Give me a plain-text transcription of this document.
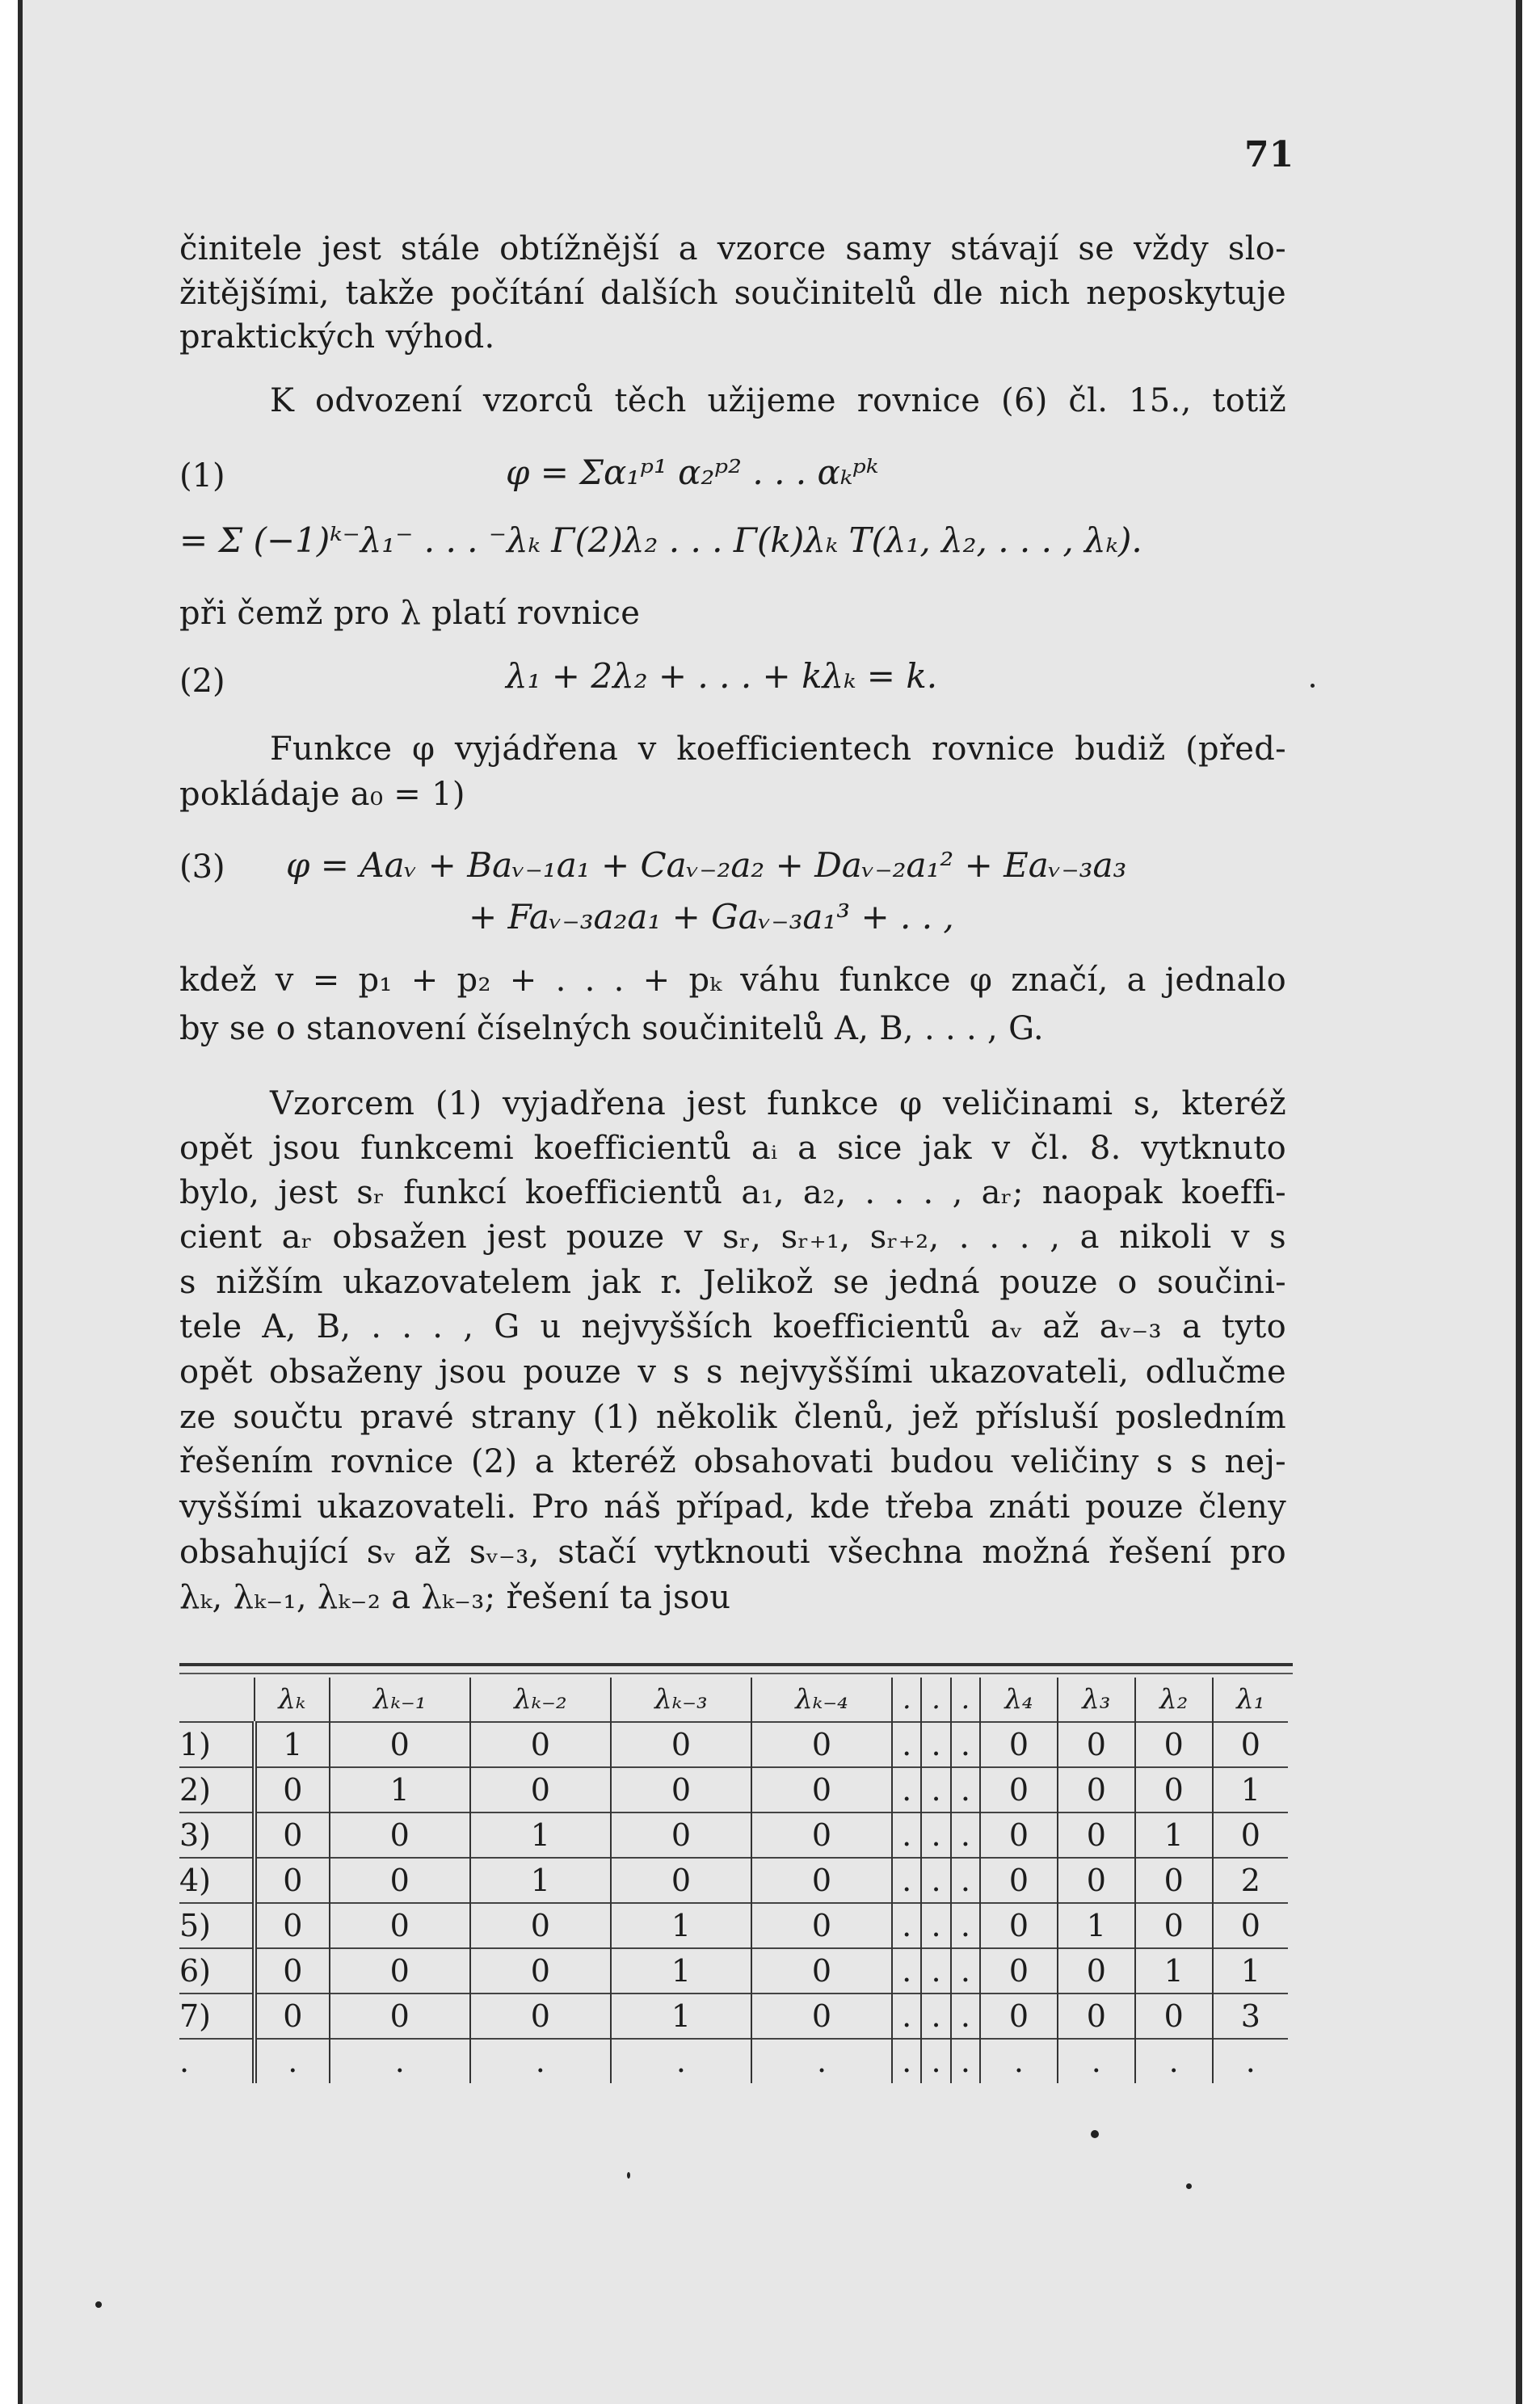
71
činitele jest stále obtížnější a vzorce samy stávají se vždy slo-
žitějšími, takže počítání dalších součinitelů dle nich neposkytuje
praktických výhod.
K odvození vzorců těch užijeme rovnice (6) čl. 15., totiž
(1)	φ = Σα₁ᵖ¹ α₂ᵖ² . . . αₖᵖᵏ
= Σ (−1)ᵏ⁻λ₁⁻ . . . ⁻λₖ Γ(2)λ₂ . . . Γ(k)λₖ T(λ₁, λ₂, . . . , λₖ).
při čemž pro λ platí rovnice
(2)	λ₁ + 2λ₂ + . . . + kλₖ = k.
Funkce φ vyjádřena v koefficientech rovnice budiž (před-
pokládaje a₀ = 1)
(3) φ = Aaᵥ + Baᵥ₋₁a₁ + Caᵥ₋₂a₂ + Daᵥ₋₂a₁² + Eaᵥ₋₃a₃
+ Faᵥ₋₃a₂a₁ + Gaᵥ₋₃a₁³ + . . ,
kdež v = p₁ + p₂ + . . . + pₖ váhu funkce φ značí, a jednalo
by se o stanovení číselných součinitelů A, B, . . . , G.
Vzorcem (1) vyjadřena jest funkce φ veličinami s, kteréž
opět jsou funkcemi koefficientů aᵢ a sice jak v čl. 8. vytknuto
bylo, jest sᵣ funkcí koefficientů a₁, a₂, . . . , aᵣ; naopak koeffi-
cient aᵣ obsažen jest pouze v sᵣ, sᵣ₊₁, sᵣ₊₂, . . . , a nikoli v s
s nižším ukazovatelem jak r. Jelikož se jedná pouze o součini-
tele A, B, . . . , G u nejvyšších koefficientů aᵥ až aᵥ₋₃ a tyto
opět obsaženy jsou pouze v s s nejvyššími ukazovateli, odlučme
ze součtu pravé strany (1) několik členů, jež přísluší posledním
řešením rovnice (2) a kteréž obsahovati budou veličiny s s nej-
vyššími ukazovateli. Pro náš případ, kde třeba znáti pouze členy
obsahující sᵥ až sᵥ₋₃, stačí vytknouti všechna možná řešení pro
λₖ, λₖ₋₁, λₖ₋₂ a λₖ₋₃; řešení ta jsou
	λₖ	λₖ₋₁	λₖ₋₂	λₖ₋₃	λₖ₋₄	.	.	.	λ₄	λ₃	λ₂	λ₁
1)	1	0	0	0	0	.	.	.	0	0	0	0
2)	0	1	0	0	0	.	.	.	0	0	0	1
3)	0	0	1	0	0	.	.	.	0	0	1	0
4)	0	0	1	0	0	.	.	.	0	0	0	2
5)	0	0	0	1	0	.	.	.	0	1	0	0
6)	0	0	0	1	0	.	.	.	0	0	1	1
7)	0	0	0	1	0	.	.	.	0	0	0	3
.	.	.	.	.	.	.	.	.	.	.	.	.
